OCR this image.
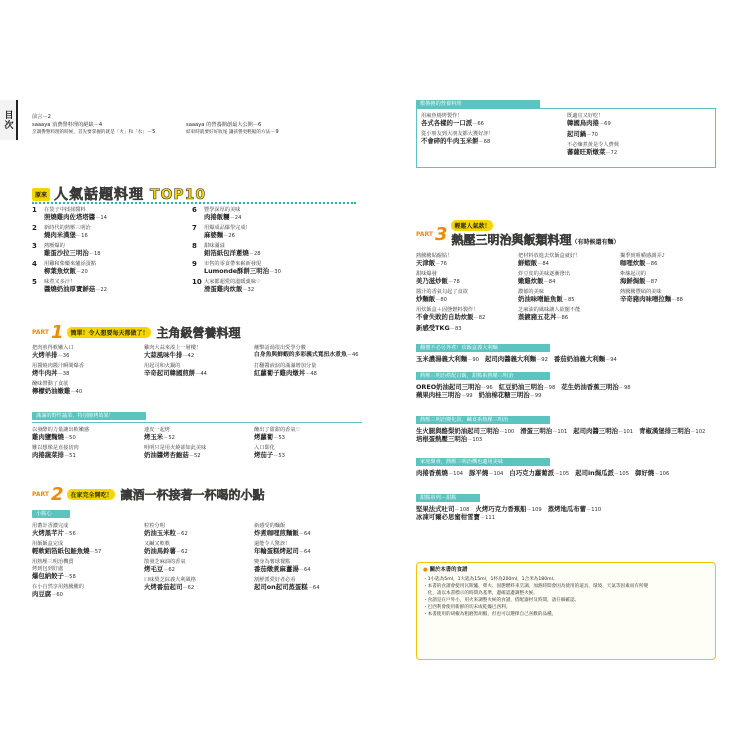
目次	前言 － 2
saaaya 消費譽料理的絕缺 － 4
烹調譽譽料理的時候，首先要掌握的就是「火」和「水」 － 5
saaaya 的營養開創最大公開 － 6
結束時就要好好收尾 讓孩譽更輕鬆的方法 － 9
原來 人氣話題料理 TOP10
1	在袋子中揉揉醬料
照燒雞肉佐塔塔醬 － 14
2	新時代的熱壓三明治
燒肉米漢堡 － 16
3	熱壓爆的
雞蛋沙拉三明治 － 18
4	用雞和柴藥來爐添蛋點
柳葉魚炊飯 － 20
5	味煮又多汁！
醬燒奶油厚實鮮菇 － 22
6	豐學深厚的美味
肉捲飯糰 － 24
7	用爆成品爆學完成！
麻婆麵 － 26
8	甜味滿溢
鋁箔紙包洋蔥燒 － 28
9	市售的零食帶來嶄新發現
Lumonde酥餅三明治 － 30
10 大家都超愛的溫暖羹味♡
滑蛋雞肉炊飯 － 32
PART 1	簡單！令人想要每天都做了！ 主角級營養料理
把肉煎得軟嫩入口
火烤羊排 － 36
用醬燒肉醬汁瞬間爆香
烤牛肉丼 － 38
醃味帶動了食欲
檸檬奶油嫩雞 － 40
雞肉大蒜來湊上一層樓！
大蒜風味牛排 － 42
用起司和火鍋的
辛奇起司韓國煎餅 － 44
蘸擊話湯很出愛學分數
白身魚與鮮蝦的多彩義式寬扭水煮魚 － 46
打翻醬液淚的滿滿增加分量
紅蘿蔔子雞肉燉丼 － 48
滿滿的野性蔬菜，特別燒烤效果！
以發酵的力量讓出軟嫩感
雞肉鹽麴燒 － 50
難以想像是直接切肉
肉捲蔬菜排 － 51
連皮一起烤
烤玉米 － 52
明明只是用火燒卻如此美味
奶油醬烤杏鮑菇 － 52
醃出了甜甜的香氣♡
烤蘿蔔 － 53
入口即化
烤茄子 － 53
PART 2	在家完全開吃！ 讓酒一杯接著一杯喝的小點
小點心
用蕃計香濃完成
火烤黑芊片 － 56
用飯飯盒完成
輕軟鋁箔紙包鮭魚燒 － 57
用熱壓三明治機賣
烤到包到好處
爆包納餃子 － 58
在小自然享用熱騰騰的
肉豆腐 － 60
粒粒分明
奶油玉米粒 － 62
又鹹又軟軟
奶油馬鈴薯 － 62
散發芝麻油的香氣
烤毛豆 － 62
口味獎芝綜義大利風格
火烤番茄起司 － 62
新感受的麵飯
炸煮咖哩煎麵飯 － 64
還能令人驚訝！
年輪蛋糕烤起司 － 64
變身為薯球餐點
番茄燉煮麻薑湯 － 64
割鮮派愛好者必看
起司on起司蒸蛋糕 － 64
敷換換的營養料理
用麻魚燒烤製作！
各式各樣的一口派 － 66
從小朋友到大朋友都大獲好評！
不會碎的牛肉玉米餅 － 68
既適宜又好吃！
韓國烏肉捲 － 69
起司鍋 － 70
不必煉煮黃是令人費興
蕃薩旺斯燉菜 － 72
PART 3	輕鬆人氣款！
熱壓三明治與飯類料理 （有時候還有麵）
熱騰騰貼餛貼！
天津飯 － 76
甜味爆發
美乃滋炒飯 － 78
醬汁的香氣勾起了食欲
炒麵飯 － 80
用炊飯盒＋固態燃料製作！
不會失敗的自助炊飯 － 82
新感受TKG － 83
把材料放進去炊飯盒就好！
鮮蝦飯 － 84
炸豆皮的美味逐漸滲出
嫩雞炊飯 － 84
濃郁的美味
奶油味噌鮭魚飯 － 85
芝麻油的風味讓人欲罷不能
蒸鍍豬五花丼 － 86
獨季到咀嚼感調弄♪
咖哩炊飯 － 86
牽絲起司的
海鮮焗飯 － 87
熱騰騰豐碩的美味
辛奇豬肉味噌拉麵 － 88
翻攪不必另外煮！炊飯盒義大利麵
玉米濃湯義大利麵 － 90 起司肉醬義大利麵 － 92 番茄奶油義大利麵 － 94
熱壓三明治搭配白飯，甜點系熱壓三明治
OREO奶油起司三明治 － 96 紅豆奶油三明治 － 98 花生奶油香蕉三明治 － 98
蘋果肉桂三明治 － 99 奶油棉花糖三明治 － 99
熱壓三明治變化款，鹹食系熱壓三明治
生火腿與酪梨奶油起司三明治 － 100 滑蛋三明治 － 101 起司肉醬三明治 － 101 青椒漢堡排三明治 － 102
培根蛋熱壓三明治 － 103
家庭聚會，熱壓三明治機也適用美味
肉捲香蕉燒 － 104 豚平燒 － 104 白巧克力蘿蔔派 － 105 起司in焗瓜派 － 105 御好燒 － 106
甜點串列－甜點
堅果法式吐司 － 108 火烤巧克力香蕉船 － 109 蒸烤地瓜布蕾 － 110
冰凍可爾必思蜜柑雪寶 － 111
● 關於本書的食譜
・1小匙為5ml，1大匙為15ml，1杯為200ml，1合米為180ml。
・本書的食譜會使用瓦斯爐、柴火、固態燃料來烹調。加熱時間會因為使用的道具、環境、天氣等因素而有所變
　化，請以本書標示的時間為基準，邊確認邊調整火候。
・食譜是在戶外小，用火來調整火候的食譜，搭配器材及時間，請仔細確認。
・巴西利會使用新鮮的切末或乾燥巴西利。
・本書使用的胡椒為粗磨黑胡椒，但也可以選擇自己喜歡的品種。
